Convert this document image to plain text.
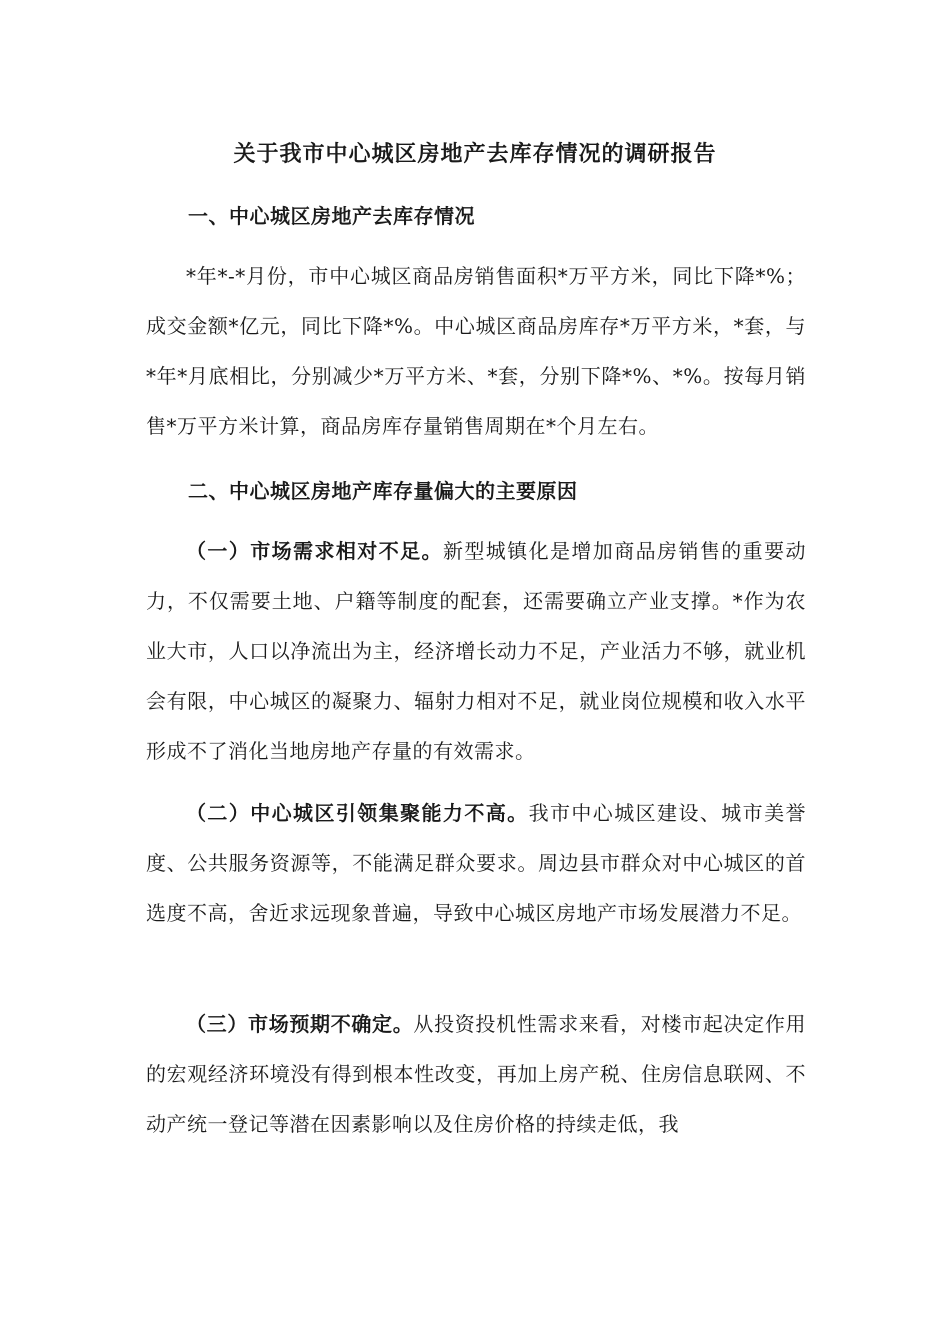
关于我市中心城区房地产去库存情况的调研报告
一、中心城区房地产去库存情况
*年*-*月份，市中心城区商品房销售面积*万平方米，同比下降*%；成交金额*亿元，同比下降*%。中心城区商品房库存*万平方米，*套，与*年*月底相比，分别减少*万平方米、*套，分别下降*%、*%。按每月销售*万平方米计算，商品房库存量销售周期在*个月左右。
二、中心城区房地产库存量偏大的主要原因
（一）市场需求相对不足。新型城镇化是增加商品房销售的重要动力，不仅需要土地、户籍等制度的配套，还需要确立产业支撑。*作为农业大市，人口以净流出为主，经济增长动力不足，产业活力不够，就业机会有限，中心城区的凝聚力、辐射力相对不足，就业岗位规模和收入水平形成不了消化当地房地产存量的有效需求。
（二）中心城区引领集聚能力不高。我市中心城区建设、城市美誉度、公共服务资源等，不能满足群众要求。周边县市群众对中心城区的首选度不高，舍近求远现象普遍，导致中心城区房地产市场发展潜力不足。
（三）市场预期不确定。从投资投机性需求来看，对楼市起决定作用的宏观经济环境没有得到根本性改变，再加上房产税、住房信息联网、不动产统一登记等潜在因素影响以及住房价格的持续走低，我
